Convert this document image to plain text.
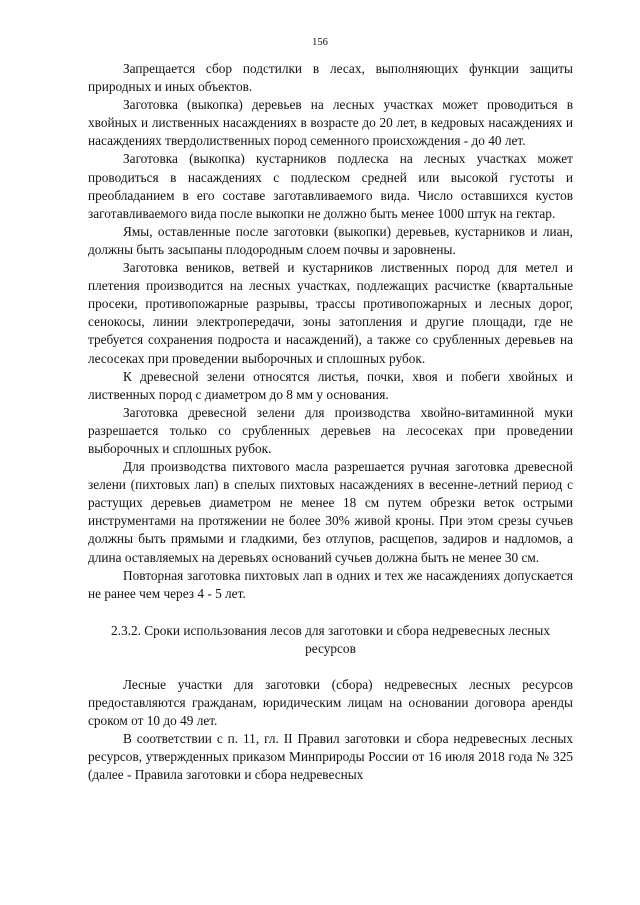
156

Запрещается сбор подстилки в лесах, выполняющих функции защиты природных и иных объектов.

Заготовка (выкопка) деревьев на лесных участках может проводиться в хвойных и лиственных насаждениях в возрасте до 20 лет, в кедровых насаждениях и насаждениях твердолиственных пород семенного происхождения - до 40 лет.

Заготовка (выкопка) кустарников подлеска на лесных участках может проводиться в насаждениях с подлеском средней или высокой густоты и преобладанием в его составе заготавливаемого вида. Число оставшихся кустов заготавливаемого вида после выкопки не должно быть менее 1000 штук на гектар.

Ямы, оставленные после заготовки (выкопки) деревьев, кустарников и лиан, должны быть засыпаны плодородным слоем почвы и заровнены.

Заготовка веников, ветвей и кустарников лиственных пород для метел и плетения производится на лесных участках, подлежащих расчистке (квартальные просеки, противопожарные разрывы, трассы противопожарных и лесных дорог, сенокосы, линии электропередачи, зоны затопления и другие площади, где не требуется сохранения подроста и насаждений), а также со срубленных деревьев на лесосеках при проведении выборочных и сплошных рубок.

К древесной зелени относятся листья, почки, хвоя и побеги хвойных и лиственных пород с диаметром до 8 мм у основания.

Заготовка древесной зелени для производства хвойно-витаминной муки разрешается только со срубленных деревьев на лесосеках при проведении выборочных и сплошных рубок.

Для производства пихтового масла разрешается ручная заготовка древесной зелени (пихтовых лап) в спелых пихтовых насаждениях в весенне-летний период с растущих деревьев диаметром не менее 18 см путем обрезки веток острыми инструментами на протяжении не более 30% живой кроны. При этом срезы сучьев должны быть прямыми и гладкими, без отлупов, расщепов, задиров и надломов, а длина оставляемых на деревьях оснований сучьев должна быть не менее 30 см.

Повторная заготовка пихтовых лап в одних и тех же насаждениях допускается не ранее чем через 4 - 5 лет.

2.3.2. Сроки использования лесов для заготовки и сбора недревесных лесных ресурсов

Лесные участки для заготовки (сбора) недревесных лесных ресурсов предоставляются гражданам, юридическим лицам на основании договора аренды сроком от 10 до 49 лет.

В соответствии с п. 11, гл. II Правил заготовки и сбора недревесных лесных ресурсов, утвержденных приказом Минприроды России от 16 июля 2018 года № 325 (далее - Правила заготовки и сбора недревесных
